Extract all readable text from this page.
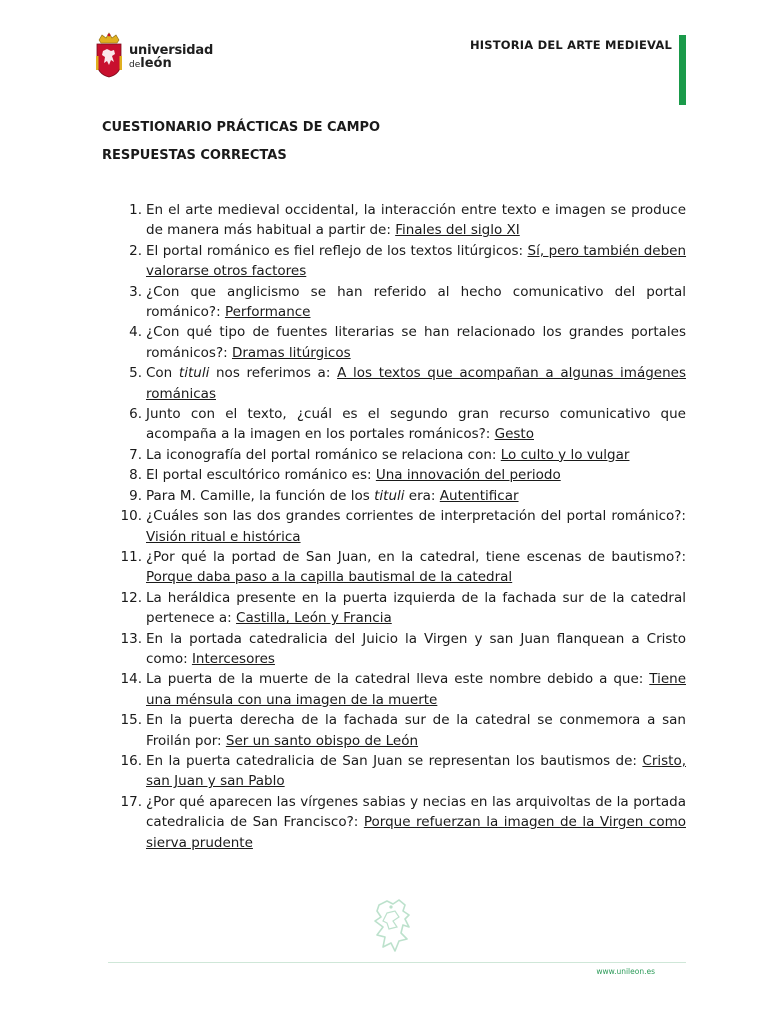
universidad
deleón
HISTORIA DEL ARTE MEDIEVAL
CUESTIONARIO PRÁCTICAS DE CAMPO
RESPUESTAS CORRECTAS
1. En el arte medieval occidental, la interacción entre texto e imagen se produce de manera más habitual a partir de: Finales del siglo XI
2. El portal románico es fiel reflejo de los textos litúrgicos: Sí, pero también deben valorarse otros factores
3. ¿Con que anglicismo se han referido al hecho comunicativo del portal románico?: Performance
4. ¿Con qué tipo de fuentes literarias se han relacionado los grandes portales románicos?: Dramas litúrgicos
5. Con tituli nos referimos a: A los textos que acompañan a algunas imágenes románicas
6. Junto con el texto, ¿cuál es el segundo gran recurso comunicativo que acompaña a la imagen en los portales románicos?: Gesto
7. La iconografía del portal románico se relaciona con: Lo culto y lo vulgar
8. El portal escultórico románico es: Una innovación del periodo
9. Para M. Camille, la función de los tituli era: Autentificar
10. ¿Cuáles son las dos grandes corrientes de interpretación del portal románico?: Visión ritual e histórica
11. ¿Por qué la portad de San Juan, en la catedral, tiene escenas de bautismo?: Porque daba paso a la capilla bautismal de la catedral
12. La heráldica presente en la puerta izquierda de la fachada sur de la catedral pertenece a: Castilla, León y Francia
13. En la portada catedralicia del Juicio la Virgen y san Juan flanquean a Cristo como: Intercesores
14. La puerta de la muerte de la catedral lleva este nombre debido a que: Tiene una ménsula con una imagen de la muerte
15. En la puerta derecha de la fachada sur de la catedral se conmemora a san Froilán por: Ser un santo obispo de León
16. En la puerta catedralicia de San Juan se representan los bautismos de: Cristo, san Juan y san Pablo
17. ¿Por qué aparecen las vírgenes sabias y necias en las arquivoltas de la portada catedralicia de San Francisco?: Porque refuerzan la imagen de la Virgen como sierva prudente
www.unileon.es
